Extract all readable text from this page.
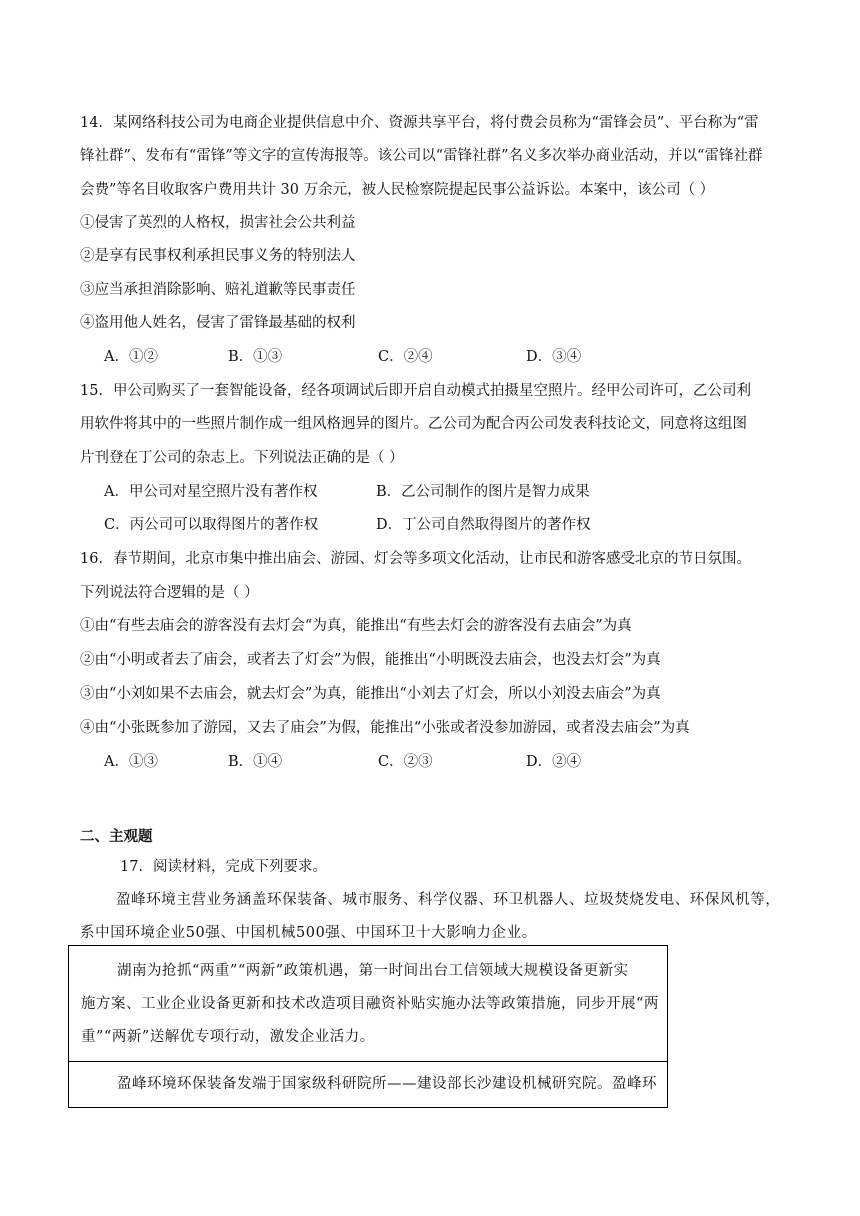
14．某网络科技公司为电商企业提供信息中介、资源共享平台，将付费会员称为“雷锋会员”、平台称为“雷
锋社群”、发布有“雷锋”等文字的宣传海报等。该公司以“雷锋社群”名义多次举办商业活动，并以“雷锋社群
会费”等名目收取客户费用共计 30 万余元，被人民检察院提起民事公益诉讼。本案中，该公司（ ）
①侵害了英烈的人格权，损害社会公共利益
②是享有民事权利承担民事义务的特别法人
③应当承担消除影响、赔礼道歉等民事责任
④盗用他人姓名，侵害了雷锋最基础的权利
A．①②	B．①③	C．②④	D．③④
15．甲公司购买了一套智能设备，经各项调试后即开启自动模式拍摄星空照片。经甲公司许可，乙公司利
用软件将其中的一些照片制作成一组风格迥异的图片。乙公司为配合丙公司发表科技论文，同意将这组图
片刊登在丁公司的杂志上。下列说法正确的是（ ）
A．甲公司对星空照片没有著作权	B．乙公司制作的图片是智力成果
C．丙公司可以取得图片的著作权	D．丁公司自然取得图片的著作权
16．春节期间，北京市集中推出庙会、游园、灯会等多项文化活动，让市民和游客感受北京的节日氛围。
下列说法符合逻辑的是（ ）
①由“有些去庙会的游客没有去灯会“为真，能推出“有些去灯会的游客没有去庙会”为真
②由“小明或者去了庙会，或者去了灯会”为假，能推出“小明既没去庙会，也没去灯会”为真
③由“小刘如果不去庙会，就去灯会”为真，能推出“小刘去了灯会，所以小刘没去庙会”为真
④由“小张既参加了游园，又去了庙会”为假，能推出“小张或者没参加游园，或者没去庙会”为真
A．①③	B．①④	C．②③	D．②④
二、主观题
17．阅读材料，完成下列要求。
盈峰环境主营业务涵盖环保装备、城市服务、科学仪器、环卫机器人、垃圾焚烧发电、环保风机等，
系中国环境企业50强、中国机械500强、中国环卫十大影响力企业。
湖南为抢抓“两重”“两新”政策机遇，第一时间出台工信领域大规模设备更新实
施方案、工业企业设备更新和技术改造项目融资补贴实施办法等政策措施，同步开展“两
重”“两新”送解优专项行动，激发企业活力。
盈峰环境环保装备发端于国家级科研院所——建设部长沙建设机械研究院。盈峰环
